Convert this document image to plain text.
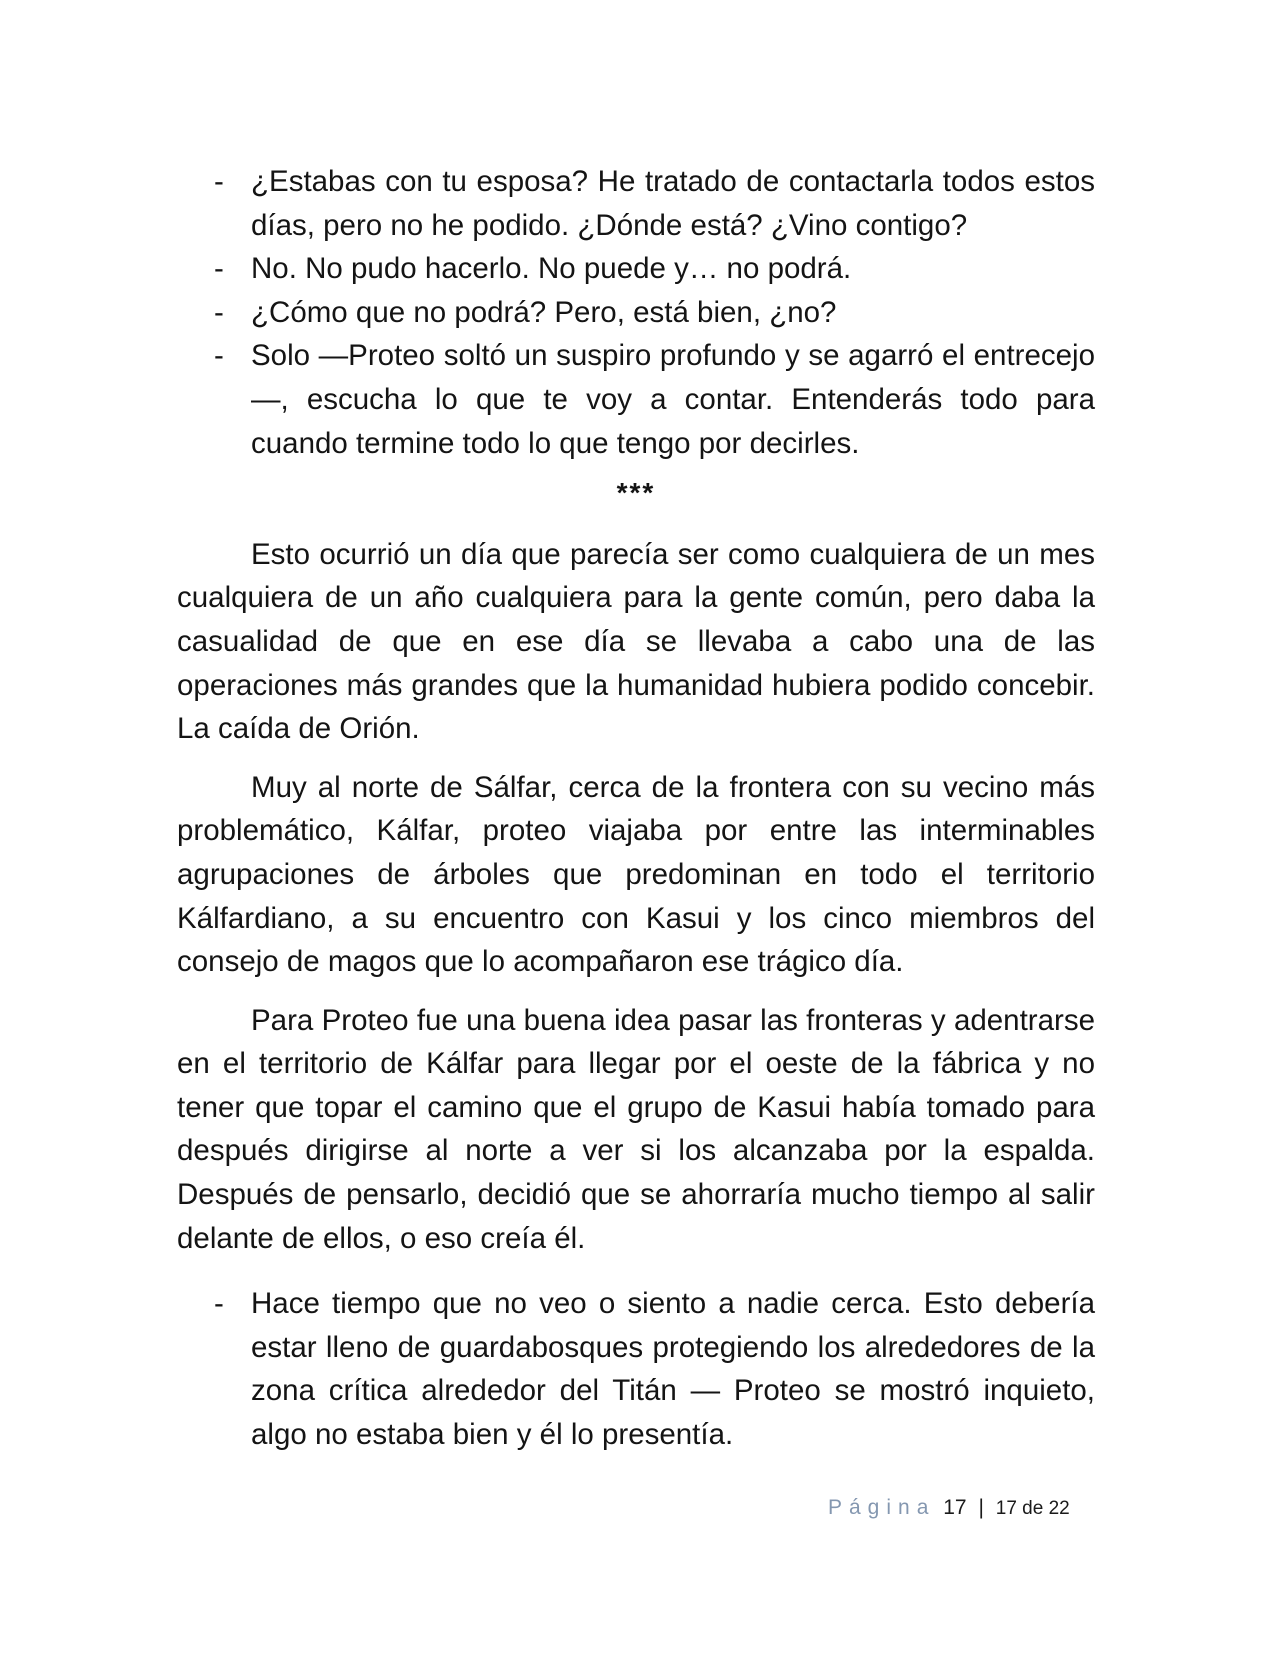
- ¿Estabas con tu esposa? He tratado de contactarla todos estos días, pero no he podido. ¿Dónde está? ¿Vino contigo?
- No. No pudo hacerlo. No puede y… no podrá.
- ¿Cómo que no podrá? Pero, está bien, ¿no?
- Solo —Proteo soltó un suspiro profundo y se agarró el entrecejo—, escucha lo que te voy a contar. Entenderás todo para cuando termine todo lo que tengo por decirles.
***

Esto ocurrió un día que parecía ser como cualquiera de un mes cualquiera de un año cualquiera para la gente común, pero daba la casualidad de que en ese día se llevaba a cabo una de las operaciones más grandes que la humanidad hubiera podido concebir. La caída de Orión.

Muy al norte de Sálfar, cerca de la frontera con su vecino más problemático, Kálfar, proteo viajaba por entre las interminables agrupaciones de árboles que predominan en todo el territorio Kálfardiano, a su encuentro con Kasui y los cinco miembros del consejo de magos que lo acompañaron ese trágico día.

Para Proteo fue una buena idea pasar las fronteras y adentrarse en el territorio de Kálfar para llegar por el oeste de la fábrica y no tener que topar el camino que el grupo de Kasui había tomado para después dirigirse al norte a ver si los alcanzaba por la espalda. Después de pensarlo, decidió que se ahorraría mucho tiempo al salir delante de ellos, o eso creía él.

- Hace tiempo que no veo o siento a nadie cerca. Esto debería estar lleno de guardabosques protegiendo los alrededores de la zona crítica alrededor del Titán — Proteo se mostró inquieto, algo no estaba bien y él lo presentía.
Página 17 | 17 de 22
